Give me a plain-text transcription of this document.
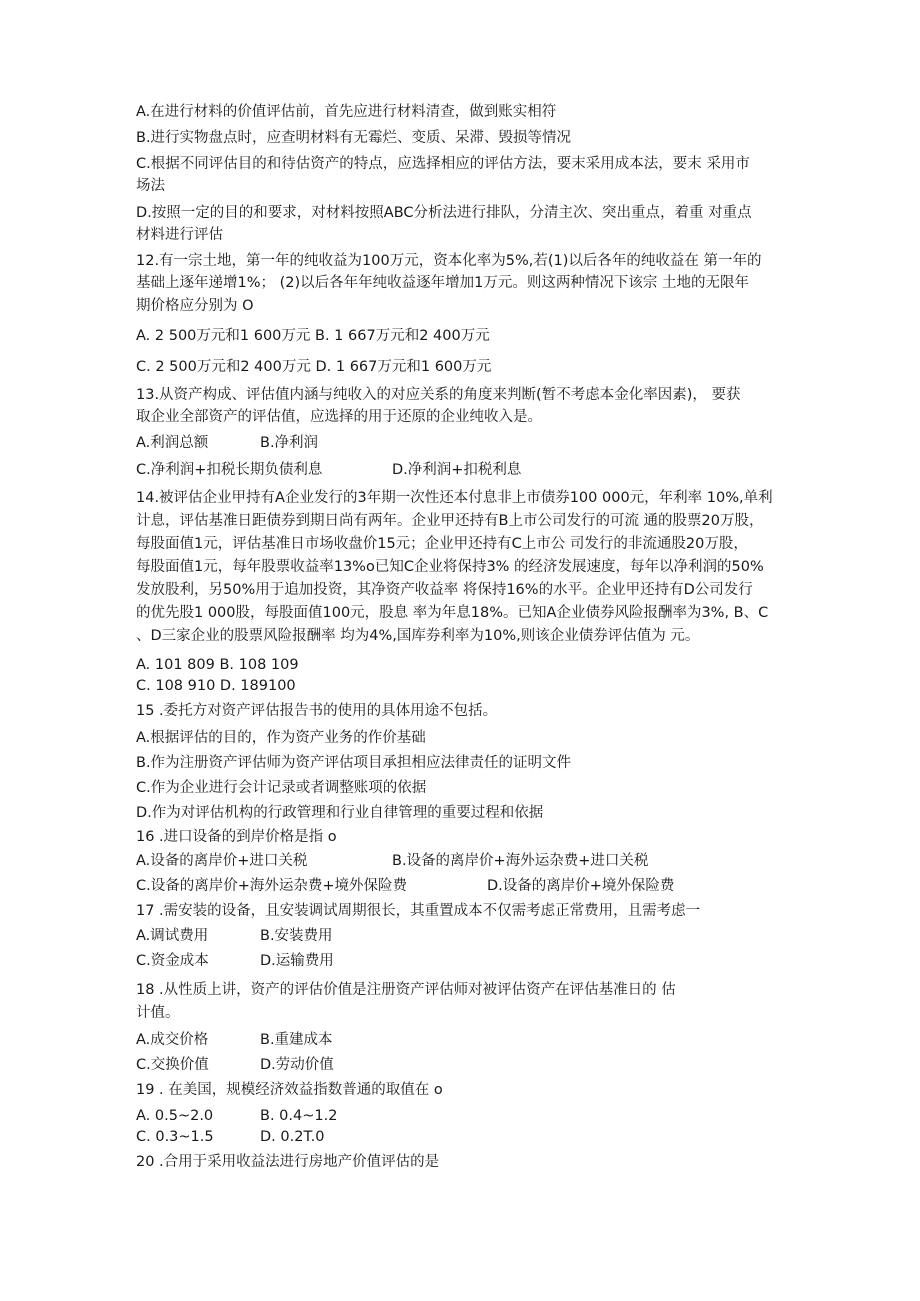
A.在进行材料的价值评估前，首先应进行材料清查，做到账实相符
B.进行实物盘点时，应查明材料有无霉烂、变质、呆滞、毁损等情况
C.根据不同评估目的和待估资产的特点，应选择相应的评估方法，要末采用成本法，要末 采用市
场法
D.按照一定的目的和要求，对材料按照ABC分析法进行排队，分清主次、突出重点，着重 对重点
材料进行评估
12.有一宗土地，第一年的纯收益为100万元，资本化率为5%,若(1)以后各年的纯收益在 第一年的
基础上逐年递增1%； (2)以后各年年纯收益逐年增加1万元。则这两种情况下该宗 土地的无限年
期价格应分别为 O
A. 2 500万元和1 600万元 B. 1 667万元和2 400万元
C. 2 500万元和2 400万元 D. 1 667万元和1 600万元
13.从资产构成、评估值内涵与纯收入的对应关系的角度来判断(暂不考虑本金化率因素)， 要获
取企业全部资产的评估值，应选择的用于还原的企业纯收入是。
A.利润总额	B.净利润
C.净利润+扣税长期负债利息	D.净利润+扣税利息
14.被评估企业甲持有A企业发行的3年期一次性还本付息非上市债券100 000元，年利率 10%,单利
计息，评估基准日距债券到期日尚有两年。企业甲还持有B上市公司发行的可流 通的股票20万股，
每股面值1元，评估基准日市场收盘价15元；企业甲还持有C上市公 司发行的非流通股20万股，
每股面值1元，每年股票收益率13%o已知C企业将保持3% 的经济发展速度，每年以净利润的50%
发放股利，另50%用于追加投资，其净资产收益率 将保持16%的水平。企业甲还持有D公司发行
的优先股1 000股，每股面值100元，股息 率为年息18%。已知A企业债券风险报酬率为3%, B、C
、D三家企业的股票风险报酬率 均为4%,国库券利率为10%,则该企业债券评估值为 元。
A. 101 809 B. 108 109
C. 108 910 D. 189100
15 .委托方对资产评估报告书的使用的具体用途不包括。
A.根据评估的目的，作为资产业务的作价基础
B.作为注册资产评估师为资产评估项目承担相应法律责任的证明文件
C.作为企业进行会计记录或者调整账项的依据
D.作为对评估机构的行政管理和行业自律管理的重要过程和依据
16 .进口设备的到岸价格是指 o
A.设备的离岸价+进口关税	B.设备的离岸价+海外运杂费+进口关税
C.设备的离岸价+海外运杂费+境外保险费	D.设备的离岸价+境外保险费
17 .需安装的设备，且安装调试周期很长，其重置成本不仅需考虑正常费用，且需考虑一
A.调试费用	B.安装费用
C.资金成本	D.运输费用
18 .从性质上讲，资产的评估价值是注册资产评估师对被评估资产在评估基准日的 估
计值。
A.成交价格	B.重建成本
C.交换价值	D.劳动价值
19 . 在美国，规模经济效益指数普通的取值在 o
A. 0.5~2.0	B. 0.4~1.2
C. 0.3~1.5	D. 0.2T.0
20 .合用于采用收益法进行房地产价值评估的是
